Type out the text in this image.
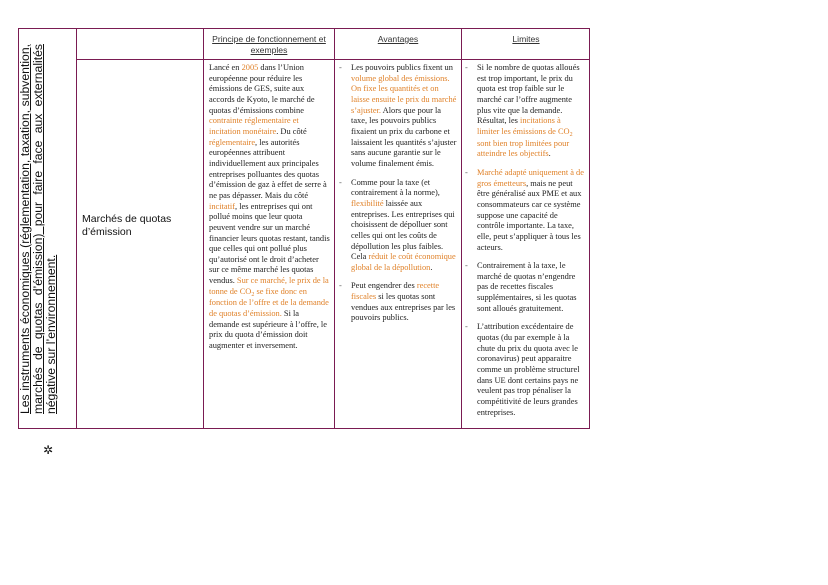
Les instruments économiques (réglementation, taxation, subvention, marchés de quotas d’émission) pour faire face aux externalités négative sur l’environnement.
✲
Principe de fonctionnement et exemples
Avantages	Limites
Marchés de quotas d’émission

Lancé en 2005 dans l’Union européenne pour réduire les émissions de GES, suite aux accords de Kyoto, le marché de quotas d’émissions combine contrainte réglementaire et incitation monétaire. Du côté réglementaire, les autorités européennes attribuent individuellement aux principales entreprises polluantes des quotas d’émission de gaz à effet de serre à ne pas dépasser. Mais du côté incitatif, les entreprises qui ont pollué moins que leur quota peuvent vendre sur un marché financier leurs quotas restant, tandis que celles qui ont pollué plus qu’autorisé ont le droit d’acheter sur ce même marché les quotas vendus. Sur ce marché, le prix de la tonne de $CO_2$ se fixe donc en fonction de l’offre et de la demande de quotas d’émission. Si la demande est supérieure à l’offre, le prix du quota d’émission doit augmenter et inversement.

- Les pouvoirs publics fixent un volume global des émissions. On fixe les quantités et on laisse ensuite le prix du marché s’ajuster. Alors que pour la taxe, les pouvoirs publics fixaient un prix du carbone et laissaient les quantités s’ajuster sans aucune garantie sur le volume finalement émis.
- Comme pour la taxe (et contrairement à la norme), flexibilité laissée aux entreprises. Les entreprises qui choisissent de dépolluer sont celles qui ont les coûts de dépollution les plus faibles. Cela réduit le coût économique global de la dépollution.
- Peut engendrer des recette fiscales si les quotas sont vendues aux entreprises par les pouvoirs publics.
- Si le nombre de quotas alloués est trop important, le prix du quota est trop faible sur le marché car l’offre augmente plus vite que la demande. Résultat, les incitations à limiter les émissions de $CO_2$ sont bien trop limitées pour atteindre les objectifs.
- Marché adapté uniquement à de gros émetteurs, mais ne peut être généralisé aux PME et aux consommateurs car ce système suppose une capacité de contrôle importante. La taxe, elle, peut s’appliquer à tous les acteurs.
- Contrairement à la taxe, le marché de quotas n’engendre pas de recettes fiscales supplémentaires, si les quotas sont alloués gratuitement.
- L’attribution excédentaire de quotas (du par exemple à la chute du prix du quota avec le coronavirus) peut apparaitre comme un problème structurel dans UE dont certains pays ne veulent pas trop pénaliser la compétitivité de leurs grandes entreprises.
